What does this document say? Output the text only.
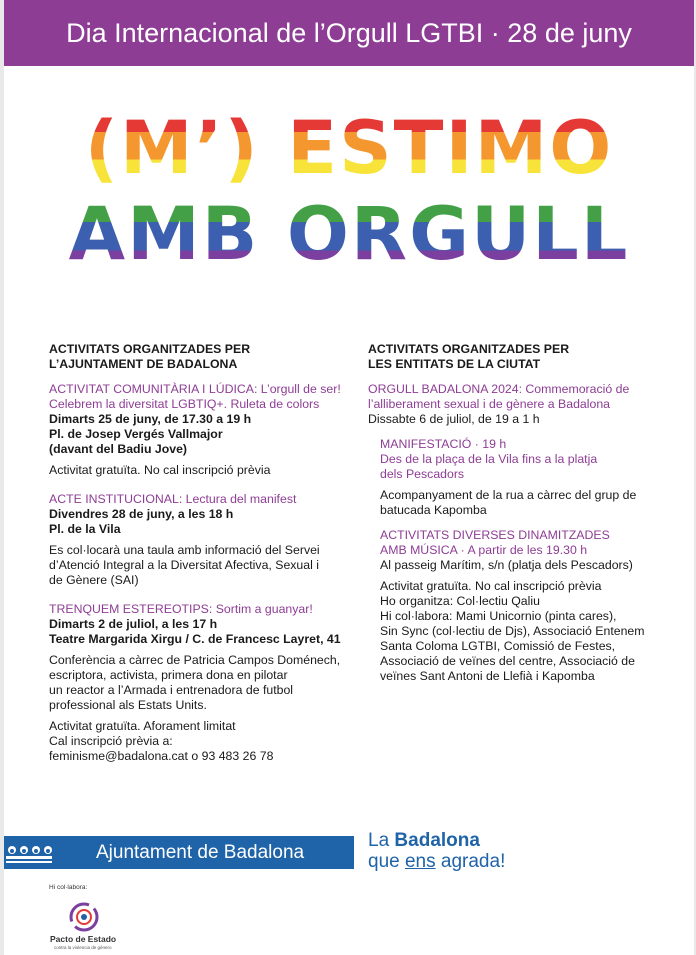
Dia Internacional de l’Orgull LGTBI · 28 de juny
(M’) ESTIMO
AMB ORGULL
ACTIVITATS ORGANITZADES PER
L’AJUNTAMENT DE BADALONA
ACTIVITAT COMUNITÀRIA I LÚDICA: L’orgull de ser!
Celebrem la diversitat LGBTIQ+. Ruleta de colors
Dimarts 25 de juny, de 17.30 a 19 h
Pl. de Josep Vergés Vallmajor
(davant del Badiu Jove)
Activitat gratuïta. No cal inscripció prèvia
ACTE INSTITUCIONAL: Lectura del manifest
Divendres 28 de juny, a les 18 h
Pl. de la Vila
Es col·locarà una taula amb informació del Servei
d’Atenció Integral a la Diversitat Afectiva, Sexual i
de Gènere (SAI)
TRENQUEM ESTEREOTIPS: Sortim a guanyar!
Dimarts 2 de juliol, a les 17 h
Teatre Margarida Xirgu / C. de Francesc Layret, 41
Conferència a càrrec de Patricia Campos Doménech,
escriptora, activista, primera dona en pilotar
un reactor a l’Armada i entrenadora de futbol
professional als Estats Units.
Activitat gratuïta. Aforament limitat
Cal inscripció prèvia a:
feminisme@badalona.cat o 93 483 26 78
ACTIVITATS ORGANITZADES PER
LES ENTITATS DE LA CIUTAT
ORGULL BADALONA 2024: Commemoració de
l’alliberament sexual i de gènere a Badalona
Dissabte 6 de juliol, de 19 a 1 h
MANIFESTACIÓ · 19 h
Des de la plaça de la Vila fins a la platja
dels Pescadors
Acompanyament de la rua a càrrec del grup de
batucada Kapomba
ACTIVITATS DIVERSES DINAMITZADES
AMB MÚSICA · A partir de les 19.30 h
Al passeig Marítim, s/n (platja dels Pescadors)
Activitat gratuïta. No cal inscripció prèvia
Ho organitza: Col·lectiu Qaliu
Hi col·labora: Mami Unicornio (pinta cares),
Sin Sync (col·lectiu de Djs), Associació Entenem
Santa Coloma LGTBI, Comissió de Festes,
Associació de veïnes del centre, Associació de
veïnes Sant Antoni de Llefià i Kapomba
Ajuntament de Badalona
La Badalona
que ens agrada!
Hi col·labora:
Pacto de Estado
contra la violencia de género
